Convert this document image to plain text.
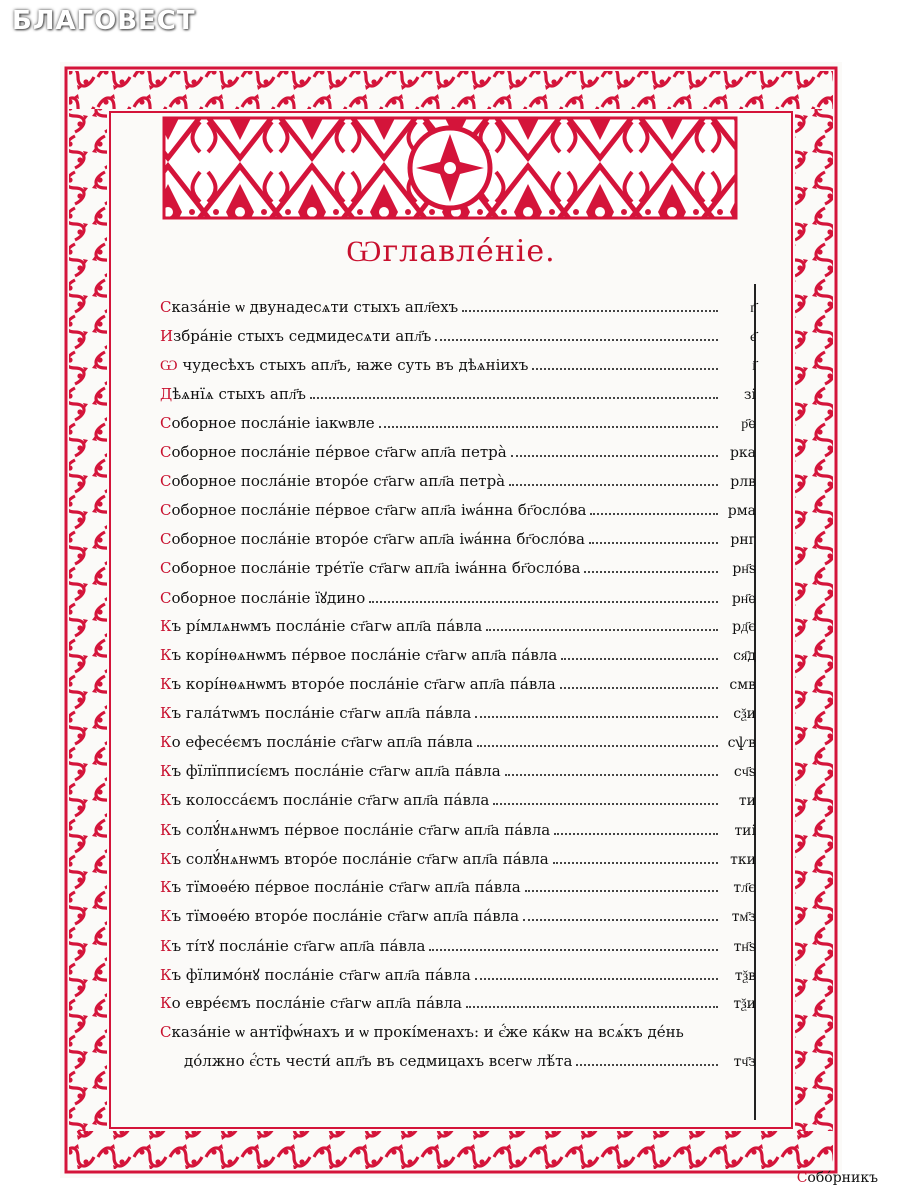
БЛАГОВЕСТ
Ѡглавлéніе.
Сказáніе ѡ двунадесѧти стыхъ апл҃ехъ	г҃
Избрáніе стыхъ седмидесѧти апл҃ъ	є҃
Ѡ чудесѣхъ стыхъ апл҃ъ, ꙗже суть въ дѣѧніихъ	і҃
Дѣѧнїѧ стыхъ апл҃ъ	зі
Соборное послáніе іакѡвле	р҃ѳ
Соборное послáніе пéрвое ст҃агѡ апл҃а петрà	рка
Соборное послáніе вторóе ст҃агѡ апл҃а петрà	рлв
Соборное послáніе пéрвое ст҃агѡ апл҃а іѡáнна бг҃ослóва	рма
Соборное послáніе вторóе ст҃агѡ апл҃а іѡáнна бг҃ослóва	рнг
Соборное послáніе трéтїе ст҃агѡ апл҃а іѡáнна бг҃ослóва	рн҃ѕ
Соборное послáніе їꙋдино	рн҃ѳ
Къ рíмлѧнѡмъ послáніе ст҃агѡ апл҃а пáвла	рд҃є
Къ корíнѳѧнѡмъ пéрвое послáніе ст҃агѡ апл҃а пáвла	ся҃д
Къ корíнѳѧнѡмъ вторóе послáніе ст҃агѡ апл҃а пáвла	смв
Къ галáтѡмъ послáніе ст҃агѡ апл҃а пáвла	сѯи
Ко ефесéємъ послáніе ст҃агѡ апл҃а пáвла	сѱв
Къ фїлїпписíємъ послáніе ст҃агѡ апл҃а пáвла	сч҃ѕ
Къ колоссáємъ послáніе ст҃агѡ апл҃а пáвла	ти
Къ солꙋ́нѧнѡмъ пéрвое послáніе ст҃агѡ апл҃а пáвла	тиі
Къ солꙋ́нѧнѡмъ вторóе послáніе ст҃агѡ апл҃а пáвла	тки
Къ тїмоѳéю пéрвое послáніе ст҃агѡ апл҃а пáвла	тл҃є
Къ тїмоѳéю вторóе послáніе ст҃агѡ апл҃а пáвла	тм҃з
Къ тíтꙋ послáніе ст҃агѡ апл҃а пáвла	тн҃ѕ
Къ фїлимóнꙋ послáніе ст҃агѡ апл҃а пáвла	тѯв
Ко еврéємъ послáніе ст҃агѡ апл҃а пáвла	тѯи
Сказáніе ѡ антїфѡ́нахъ и ѡ прокíменахъ: и є҆́же кáкѡ на всѧ́къ дéнь
дóлжно є҆́сть чести́ апл҃ъ въ седмицахъ всегѡ лѣ́та	тч҃з
Собóрникъ
